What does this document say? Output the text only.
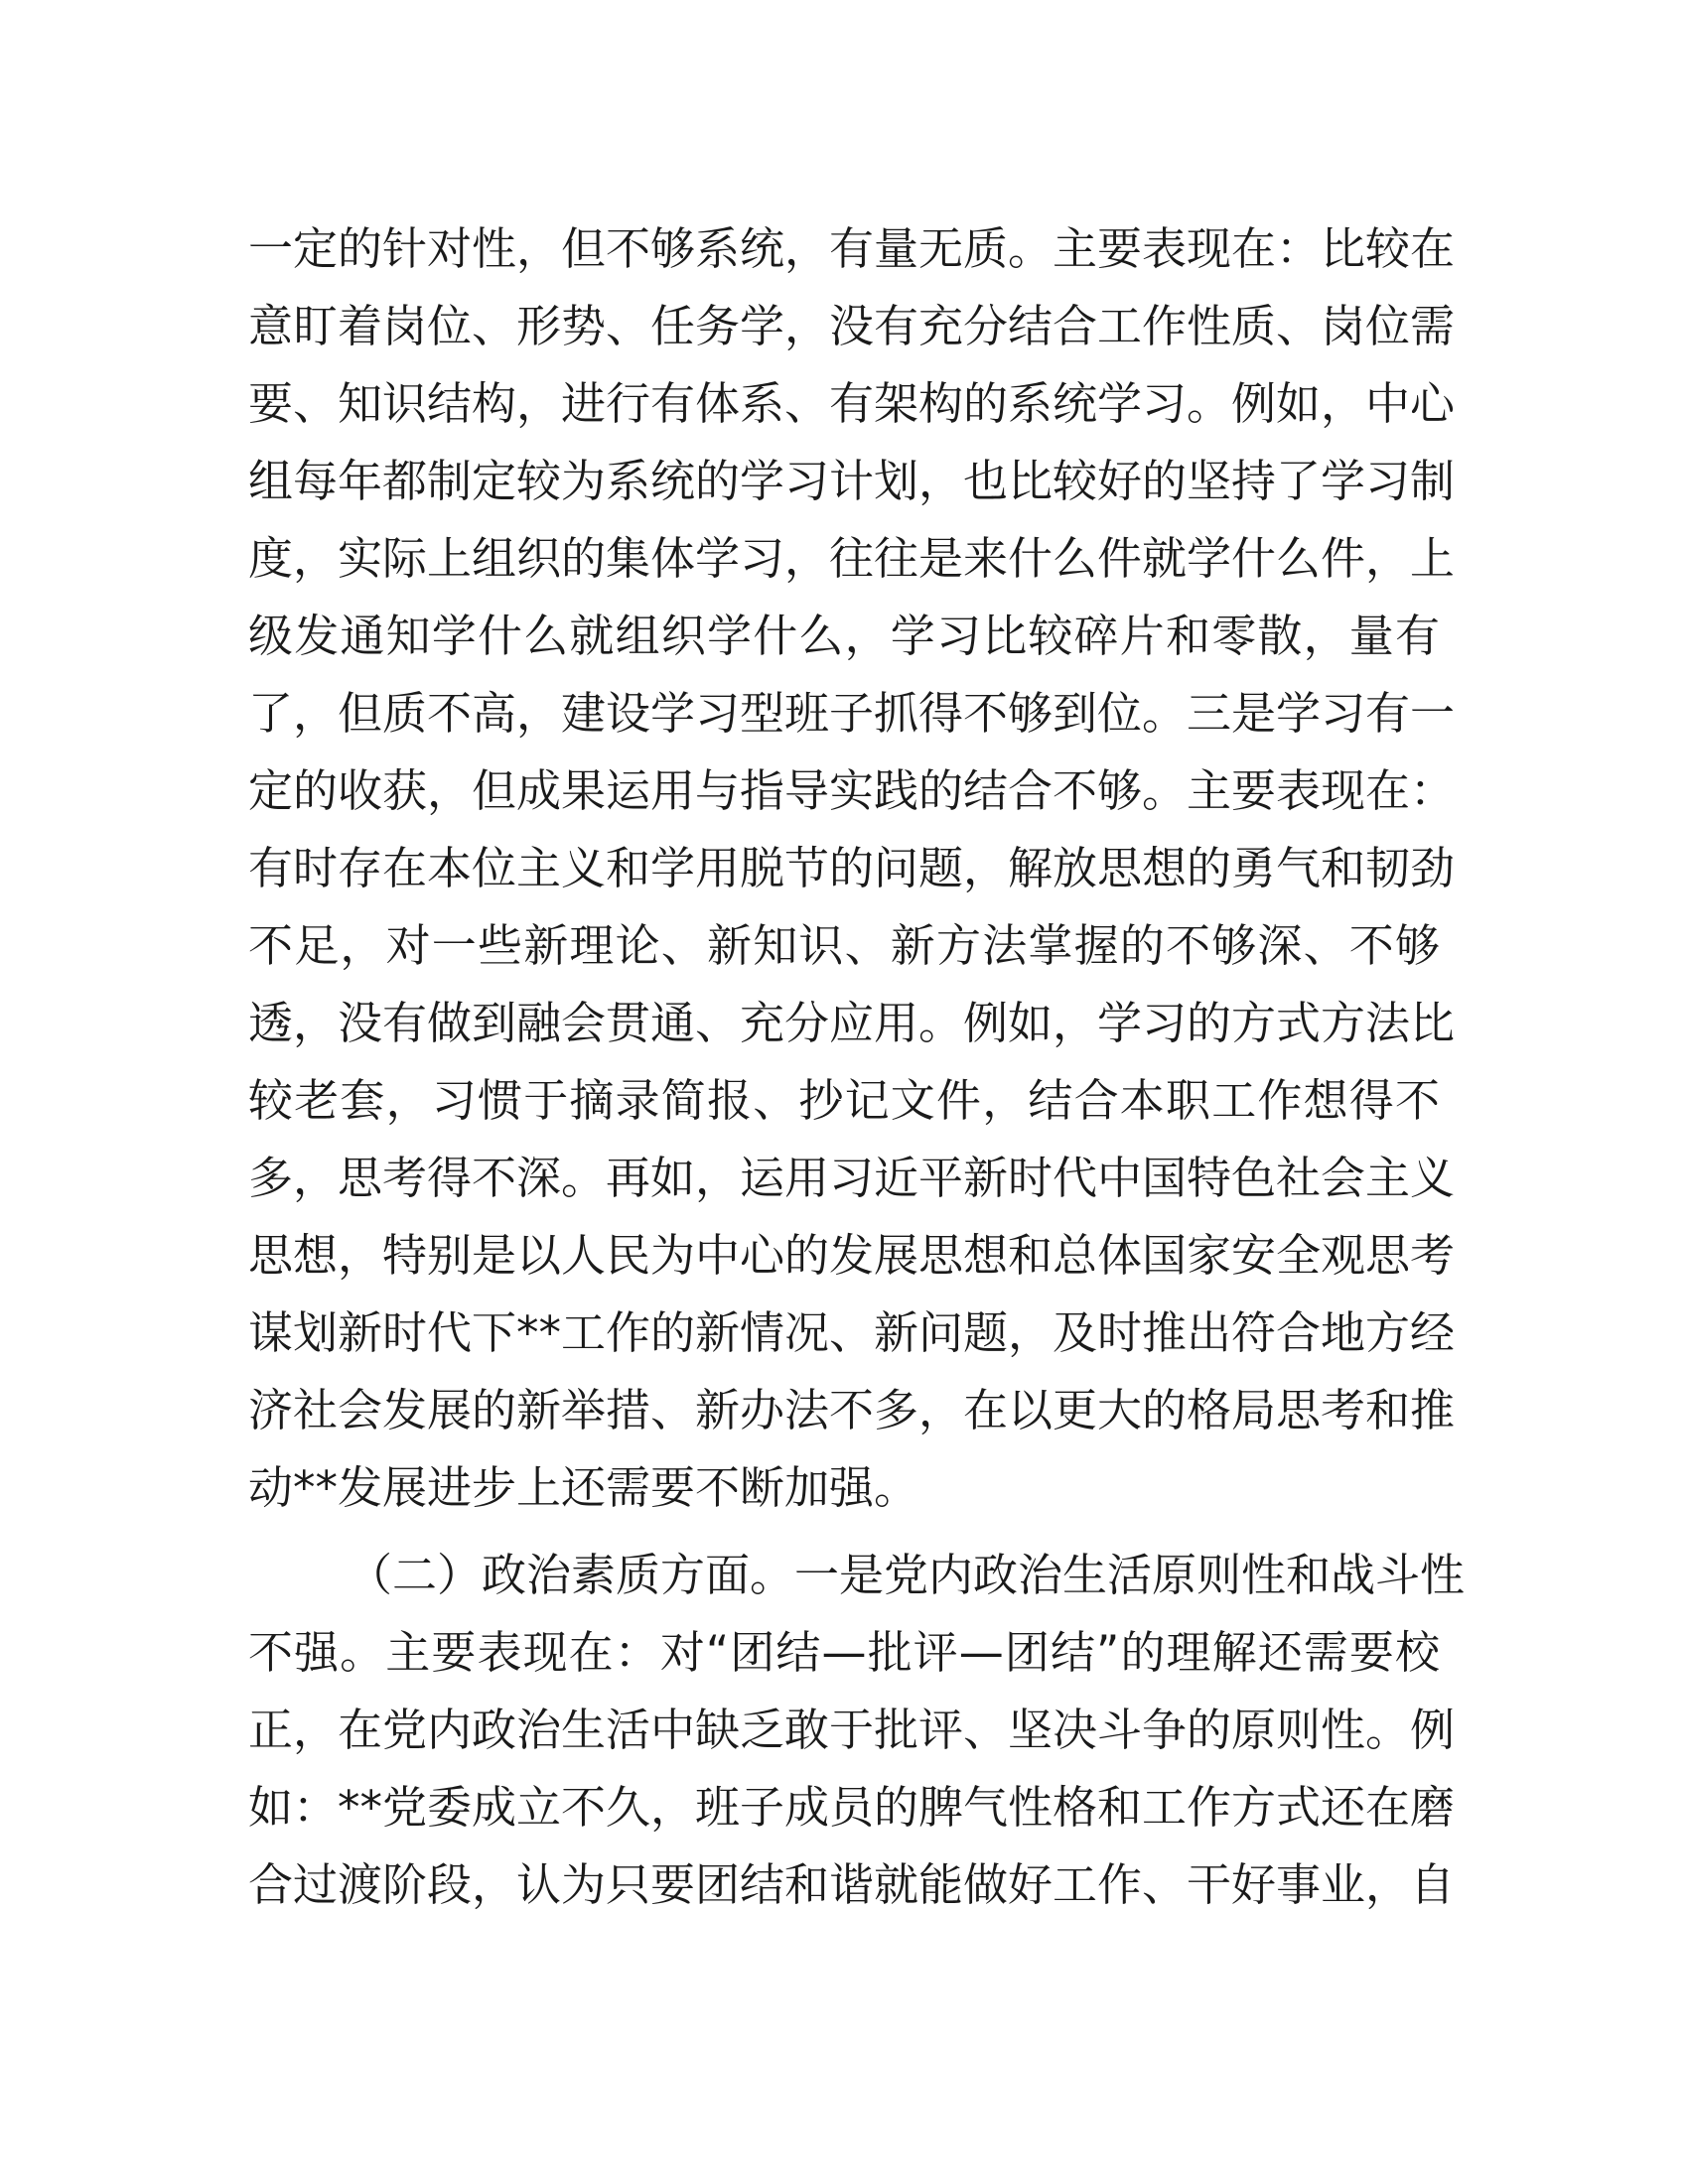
一定的针对性，但不够系统，有量无质。主要表现在：比较在
意盯着岗位、形势、任务学，没有充分结合工作性质、岗位需
要、知识结构，进行有体系、有架构的系统学习。例如，中心
组每年都制定较为系统的学习计划，也比较好的坚持了学习制
度，实际上组织的集体学习，往往是来什么件就学什么件，上
级发通知学什么就组织学什么，学习比较碎片和零散，量有
了，但质不高，建设学习型班子抓得不够到位。三是学习有一
定的收获，但成果运用与指导实践的结合不够。主要表现在：
有时存在本位主义和学用脱节的问题，解放思想的勇气和韧劲
不足，对一些新理论、新知识、新方法掌握的不够深、不够
透，没有做到融会贯通、充分应用。例如，学习的方式方法比
较老套，习惯于摘录简报、抄记文件，结合本职工作想得不
多，思考得不深。再如，运用习近平新时代中国特色社会主义
思想，特别是以人民为中心的发展思想和总体国家安全观思考
谋划新时代下**工作的新情况、新问题，及时推出符合地方经
济社会发展的新举措、新办法不多，在以更大的格局思考和推
动**发展进步上还需要不断加强。
（二）政治素质方面。一是党内政治生活原则性和战斗性
不强。主要表现在：对“团结—批评—团结”的理解还需要校
正，在党内政治生活中缺乏敢于批评、坚决斗争的原则性。例
如：**党委成立不久，班子成员的脾气性格和工作方式还在磨
合过渡阶段，认为只要团结和谐就能做好工作、干好事业，自
